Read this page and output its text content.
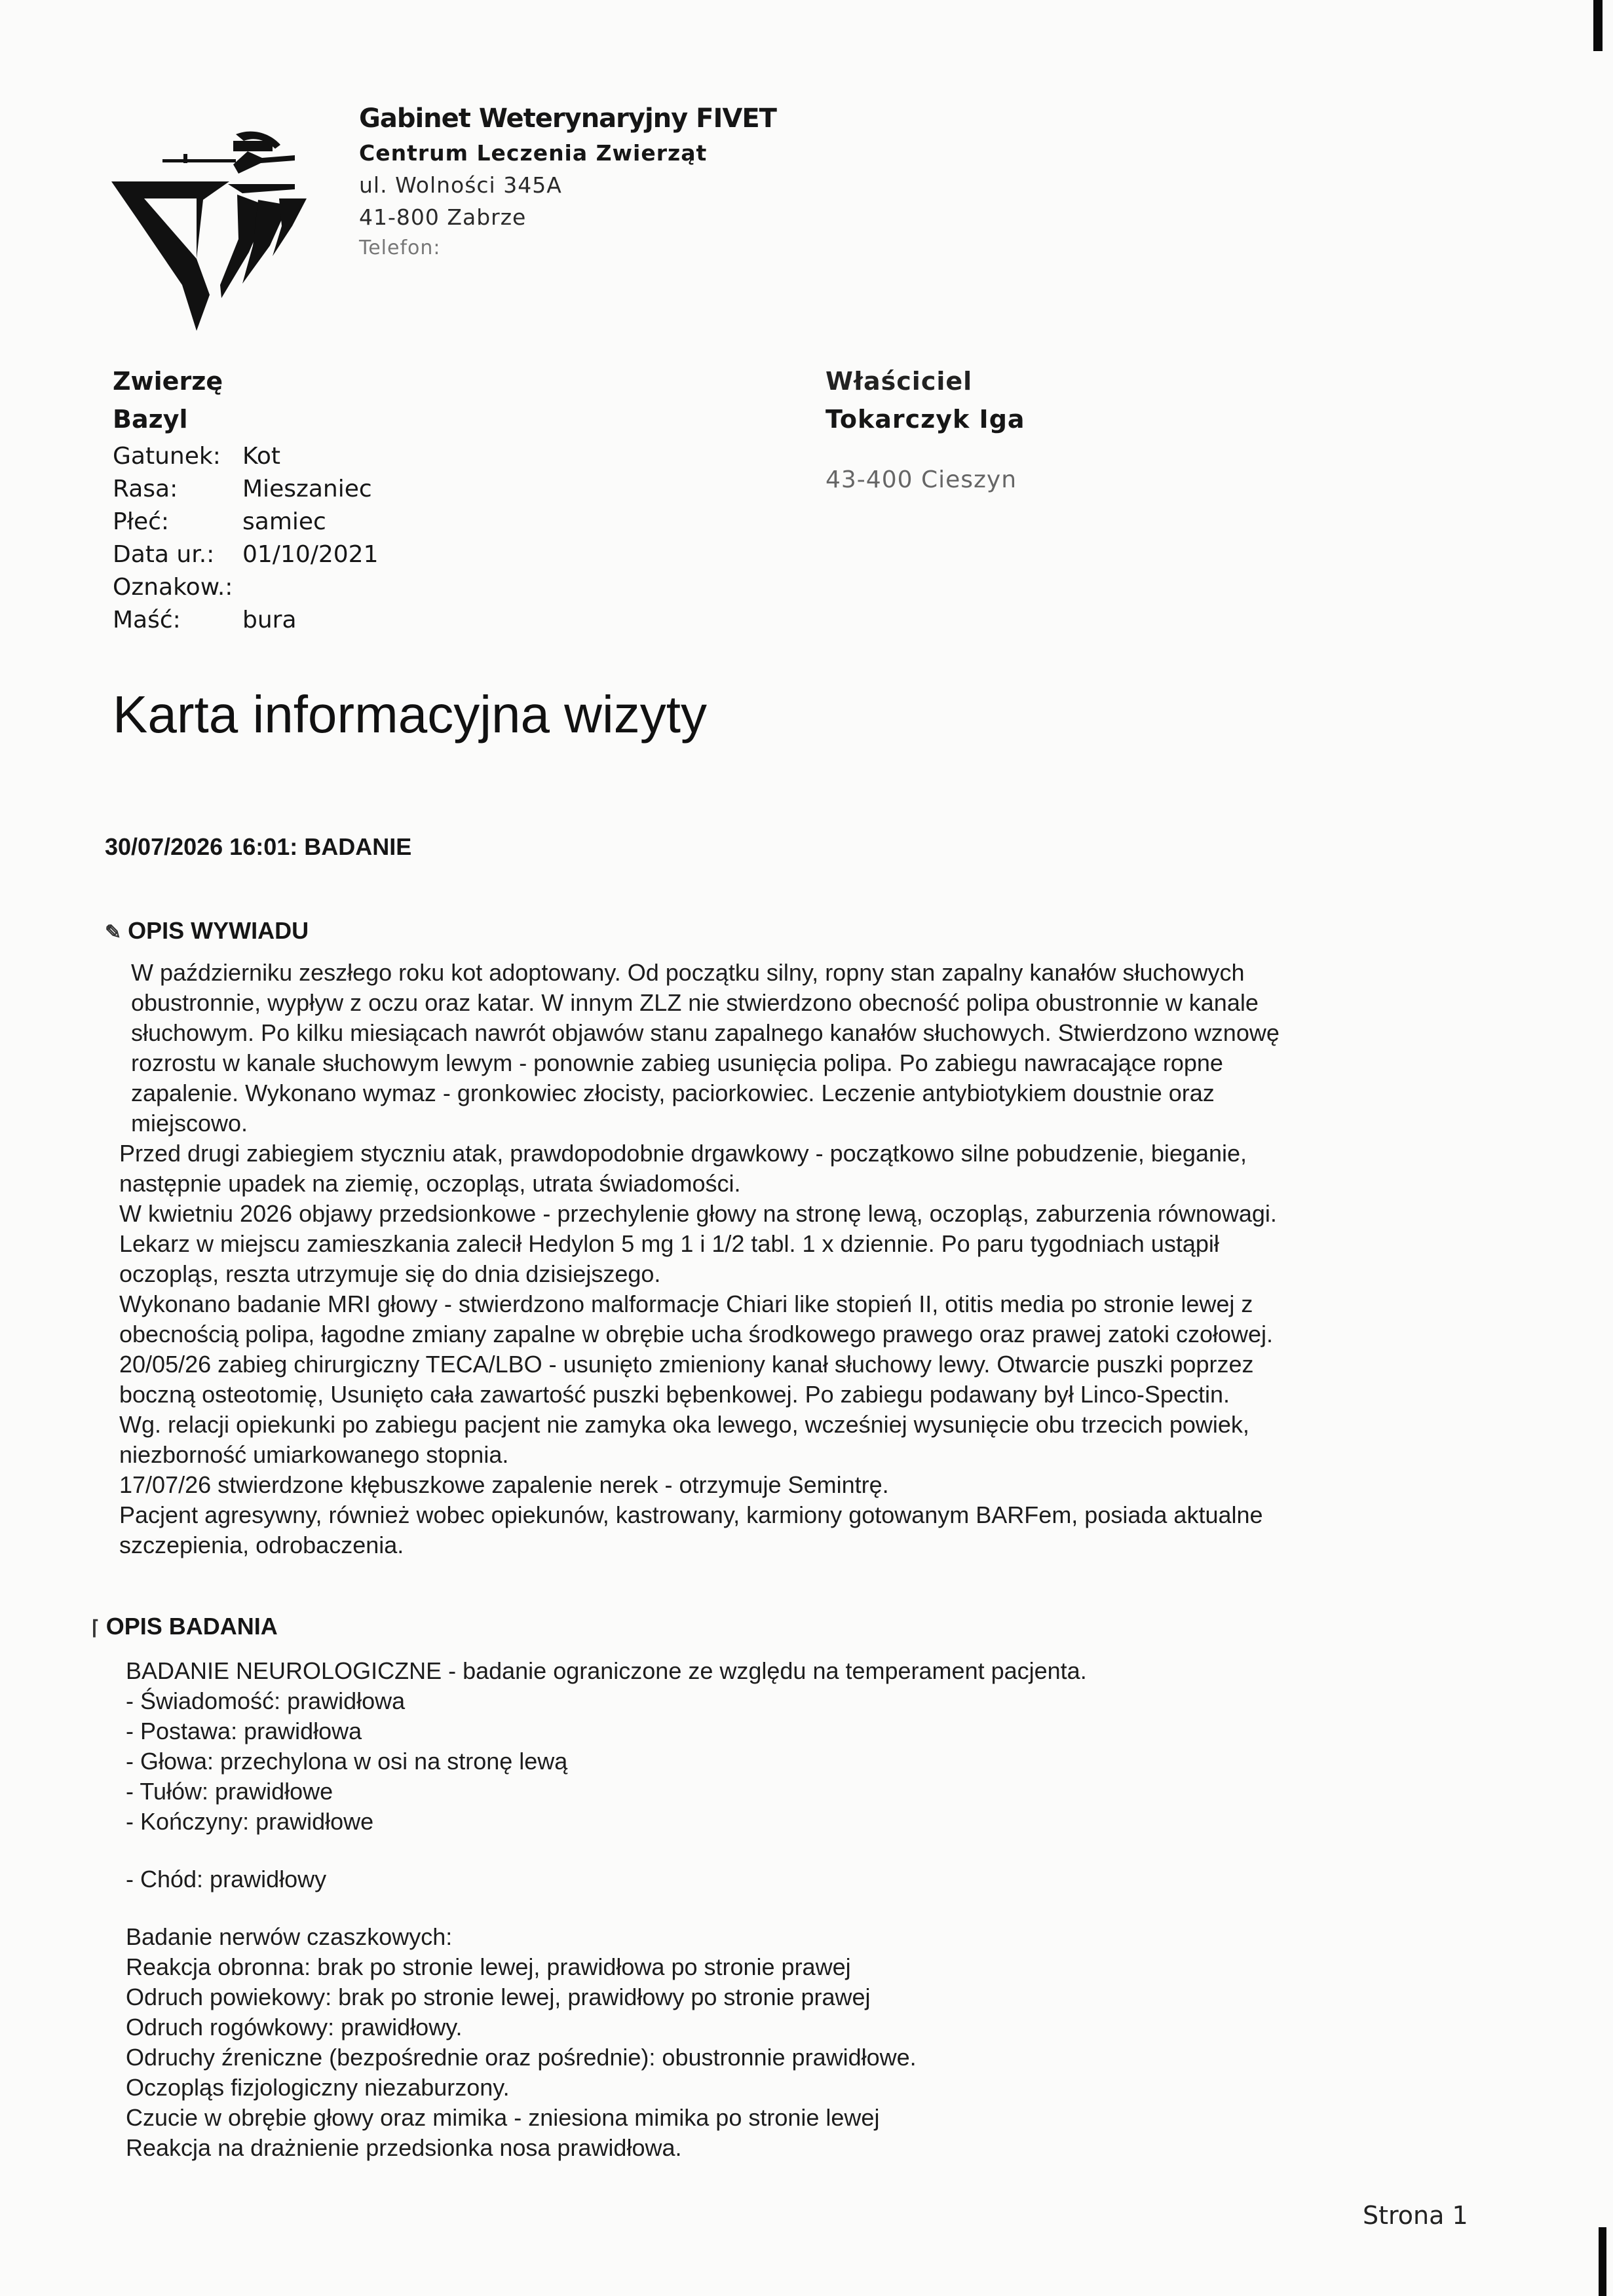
Gabinet Weterynaryjny FIVET
Centrum Leczenia Zwierząt
ul. Wolności 345A
41-800 Zabrze
Telefon:
Zwierzę
Bazyl
Gatunek: Kot
Rasa:	Mieszaniec
Płeć:	samiec
Data ur.: 01/10/2021
Oznakow.:
Maść:	bura
Właściciel
Tokarczyk Iga
43-400 Cieszyn
Karta informacyjna wizyty
30/07/2026 16:01: BADANIE
✎ OPIS WYWIADU

W październiku zeszłego roku kot adoptowany. Od początku silny, ropny stan zapalny kanałów słuchowych

obustronnie, wypływ z oczu oraz katar. W innym ZLZ nie stwierdzono obecność polipa obustronnie w kanale

słuchowym. Po kilku miesiącach nawrót objawów stanu zapalnego kanałów słuchowych. Stwierdzono wznowę

rozrostu w kanale słuchowym lewym - ponownie zabieg usunięcia polipa. Po zabiegu nawracające ropne

zapalenie. Wykonano wymaz - gronkowiec złocisty, paciorkowiec. Leczenie antybiotykiem doustnie oraz

miejscowo.

Przed drugi zabiegiem styczniu atak, prawdopodobnie drgawkowy - początkowo silne pobudzenie, bieganie,

następnie upadek na ziemię, oczopląs, utrata świadomości.

W kwietniu 2026 objawy przedsionkowe - przechylenie głowy na stronę lewą, oczopląs, zaburzenia równowagi.

Lekarz w miejscu zamieszkania zalecił Hedylon 5 mg 1 i 1/2 tabl. 1 x dziennie. Po paru tygodniach ustąpił

oczopląs, reszta utrzymuje się do dnia dzisiejszego.

Wykonano badanie MRI głowy - stwierdzono malformacje Chiari like stopień II, otitis media po stronie lewej z

obecnością polipa, łagodne zmiany zapalne w obrębie ucha środkowego prawego oraz prawej zatoki czołowej.

20/05/26 zabieg chirurgiczny TECA/LBO - usunięto zmieniony kanał słuchowy lewy. Otwarcie puszki poprzez

boczną osteotomię, Usunięto cała zawartość puszki bębenkowej. Po zabiegu podawany był Linco-Spectin.

Wg. relacji opiekunki po zabiegu pacjent nie zamyka oka lewego, wcześniej wysunięcie obu trzecich powiek,

niezborność umiarkowanego stopnia.

17/07/26 stwierdzone kłębuszkowe zapalenie nerek - otrzymuje Semintrę.

Pacjent agresywny, również wobec opiekunów, kastrowany, karmiony gotowanym BARFem, posiada aktualne

szczepienia, odrobaczenia.

⌈ OPIS BADANIA

BADANIE NEUROLOGICZNE - badanie ograniczone ze względu na temperament pacjenta.

- Świadomość: prawidłowa

- Postawa: prawidłowa

- Głowa: przechylona w osi na stronę lewą

- Tułów: prawidłowe

- Kończyny: prawidłowe

- Chód: prawidłowy

Badanie nerwów czaszkowych:

Reakcja obronna: brak po stronie lewej, prawidłowa po stronie prawej

Odruch powiekowy: brak po stronie lewej, prawidłowy po stronie prawej

Odruch rogówkowy: prawidłowy.

Odruchy źreniczne (bezpośrednie oraz pośrednie): obustronnie prawidłowe.

Oczopląs fizjologiczny niezaburzony.

Czucie w obrębie głowy oraz mimika - zniesiona mimika po stronie lewej

Reakcja na drażnienie przedsionka nosa prawidłowa.

Strona 1
